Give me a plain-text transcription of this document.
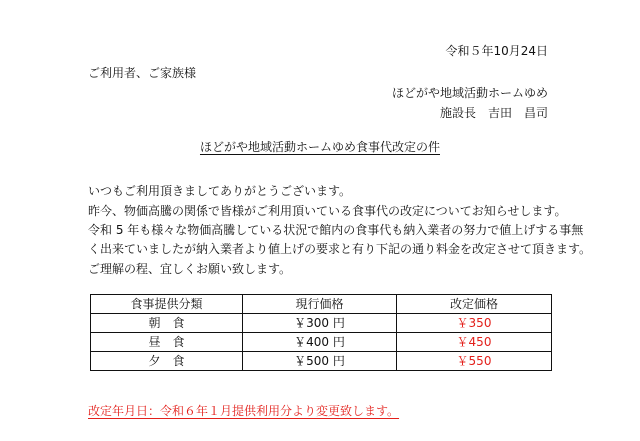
令和５年10月24日
ご利用者、ご家族様
ほどがや地域活動ホームゆめ
施設長　吉田　昌司
ほどがや地域活動ホームゆめ食事代改定の件
いつもご利用頂きましてありがとうございます。
昨今、物価高騰の関係で皆様がご利用頂いている食事代の改定についてお知らせします。
令和 5 年も様々な物価高騰している状況で館内の食事代も納入業者の努力で値上げする事無
く出来ていましたが納入業者より値上げの要求と有り下記の通り料金を改定させて頂きます。
ご理解の程、宜しくお願い致します。
食事提供分類	現行価格	改定価格
朝　食	￥300 円	￥350
昼　食	￥400 円	￥450
夕　食	￥500 円	￥550
改定年月日：令和６年１月提供利用分より変更致します。
